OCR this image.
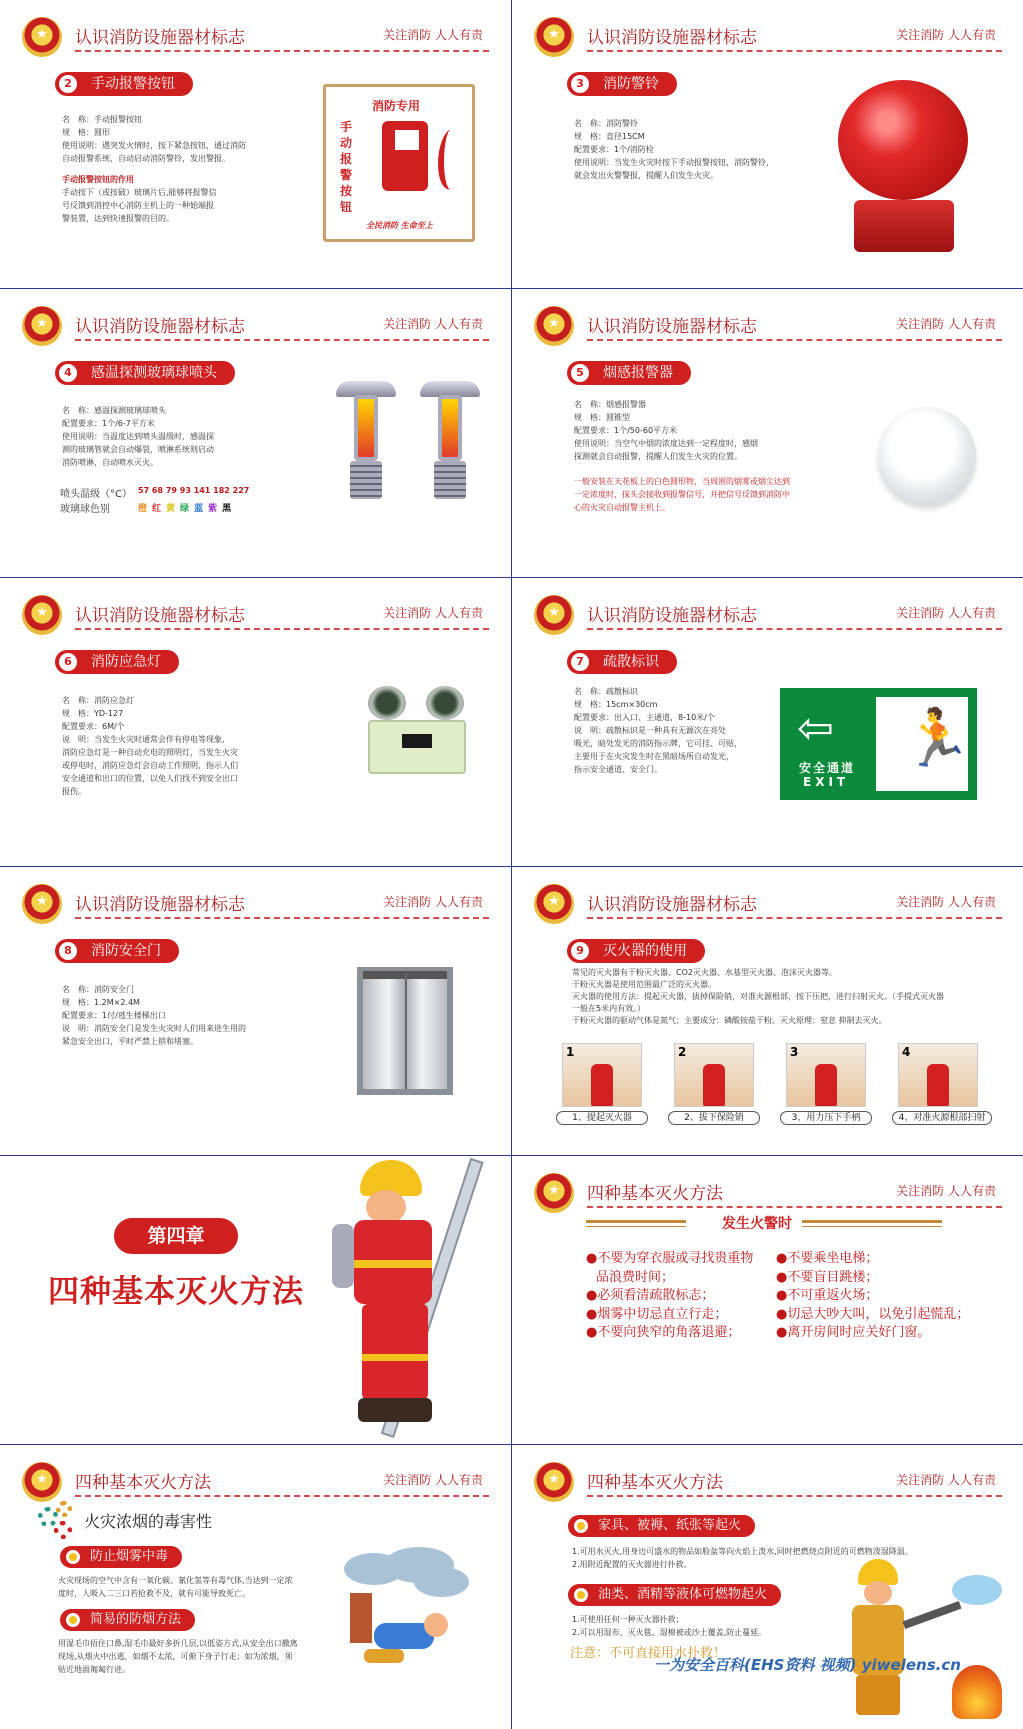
★
认识消防设施器材标志	关注消防 人人有责
2	手动报警按钮
名　称：手动报警按钮
规　格：圆形
使用说明：遇突发火情时，按下紧急按钮，通过消防
自动报警系统，自动启动消防警铃，发出警报。
手动报警按钮的作用
手动按下（或按破）玻璃片后,能够将报警信
号反馈到消控中心消防主机上的一种始端报
警装置，达到快速报警的目的。
消防专用
手动报警按钮
全民消防 生命至上
★
认识消防设施器材标志	关注消防 人人有责
3	消防警铃
名　称：消防警铃
规　格：直径15CM
配置要求：1个/消防栓
使用说明：当发生火灾时按下手动报警按钮，消防警铃，
就会发出火警警报，提醒人们发生火灾。
★
认识消防设施器材标志	关注消防 人人有责
4	感温探测玻璃球喷头
名　称：感温探测玻璃球喷头
配置要求：1个/6-7平方米
使用说明：当温度达到喷头温级时，感温探
测的玻璃管就会自动爆裂，喷淋系统则启动
消防喷淋，自动喷水灭火。
喷头温级（°C） 57 68 79 93 141 182 227
玻璃球色别	橙 红 黄 绿 蓝 紫 黑
★
认识消防设施器材标志	关注消防 人人有责
5	烟感报警器
名　称：烟感报警器
规　格：圆锥型
配置要求：1个/50-60平方米
使用说明：当空气中烟的浓度达到一定程度时，感烟
探测就会自动报警，提醒人们发生火灾的位置。
一般安装在天花板上的白色圆形物，当周围的烟雾或烟尘达到
一定浓度时，探头会接收到报警信号，并把信号反馈到消防中
心的火灾自动报警主机上。
★
认识消防设施器材标志	关注消防 人人有责
6	消防应急灯
名　称：消防应急灯
规　格：YD-127
配置要求：6M/个
说　明：当发生火灾时通常会伴有停电等现象,
消防应急灯是一种自动充电的照明灯，当发生火灾
或停电时，消防应急灯会自动工作照明，指示人们
安全通道和出口的位置，以免人们找不到安全出口
报伤。
★
认识消防设施器材标志	关注消防 人人有责
7	疏散标识
名　称：疏散标识
规　格：15cm×30cm
配置要求：出入口、主通道，8-10米/个
说　明：疏散标识是一种具有无源次在亮处
吸光，暗处发光的消防指示牌，它可挂、可贴，
主要用于在火灾发生时在黑暗场所自动发光，
指示安全通道、安全门。
⇦
安全通道
EXIT
🏃
★
认识消防设施器材标志	关注消防 人人有责
8	消防安全门
名　称：消防安全门
规　格：1.2M×2.4M
配置要求：1付/逃生楼梯出口
说　明：消防安全门是发生火灾时人们用来进生用的
紧急安全出口，平时严禁上锁和堵塞。
★
认识消防设施器材标志	关注消防 人人有责
9	灭火器的使用
常见的灭火器有干粉灭火器、CO2灭火器、水基型灭火器、泡沫灭火器等。
干粉灭火器是使用范围最广泛的灭火器。
灭火器的使用方法：提起灭火器，拔掉保险销，对准火源根部，按下压把，进行扫射灭火。（手提式灭火器
一般在5米内有效。）
干粉灭火器的驱动气体是氮气；主要成分：磷酸铵盐干粉。灭火原理：窒息 抑制去灭火。
1	2	3	4
1、提起灭火器	2、拔下保险销	3、用力压下手柄	4、对准火源根部扫射
第四章
四种基本灭火方法
★
四种基本灭火方法	关注消防 人人有责
发生火警时
●不要为穿衣服或寻找贵重物品浪费时间；
●必须看清疏散标志；
●烟雾中切忌直立行走；
●不要向狭窄的角落退避；
●不要乘坐电梯；
●不要盲目跳楼；
●不可重返火场；
●切忌大吵大叫，以免引起慌乱；
●离开房间时应关好门窗。
★
四种基本灭火方法	关注消防 人人有责
火灾浓烟的毒害性
防止烟雾中毒
火灾现场的空气中含有一氧化碳、氰化氢等有毒气体,当达到一定浓
度时，人吸入二三口若抢救不及，就有可能导致死亡。
简易的防烟方法
用湿毛巾捂住口鼻,湿毛巾最好多折几层,以低姿方式,从安全出口撤离
现场,从烟火中出逃，如烟不太浓，可俯下身子行走；如为浓烟，须
贴近地面匍匐行进。
★
四种基本灭火方法	关注消防 人人有责
家具、被褥、纸张等起火
1.可用水灭火,用身边可盛水的物品如脸盆等向火焰上泼水,同时把燃烧点附近的可燃物泼湿降温。
2.用附近配置的灭火器进行扑救。
油类、酒精等液体可燃物起火
1.可使用任何一种灭火器扑救；
2.可以用湿布、灭火毯、湿棉被或沙土覆盖,防止蔓延。
注意：不可直接用水扑救！
一为安全百科(EHS资料 视频) yiwelens.cn
